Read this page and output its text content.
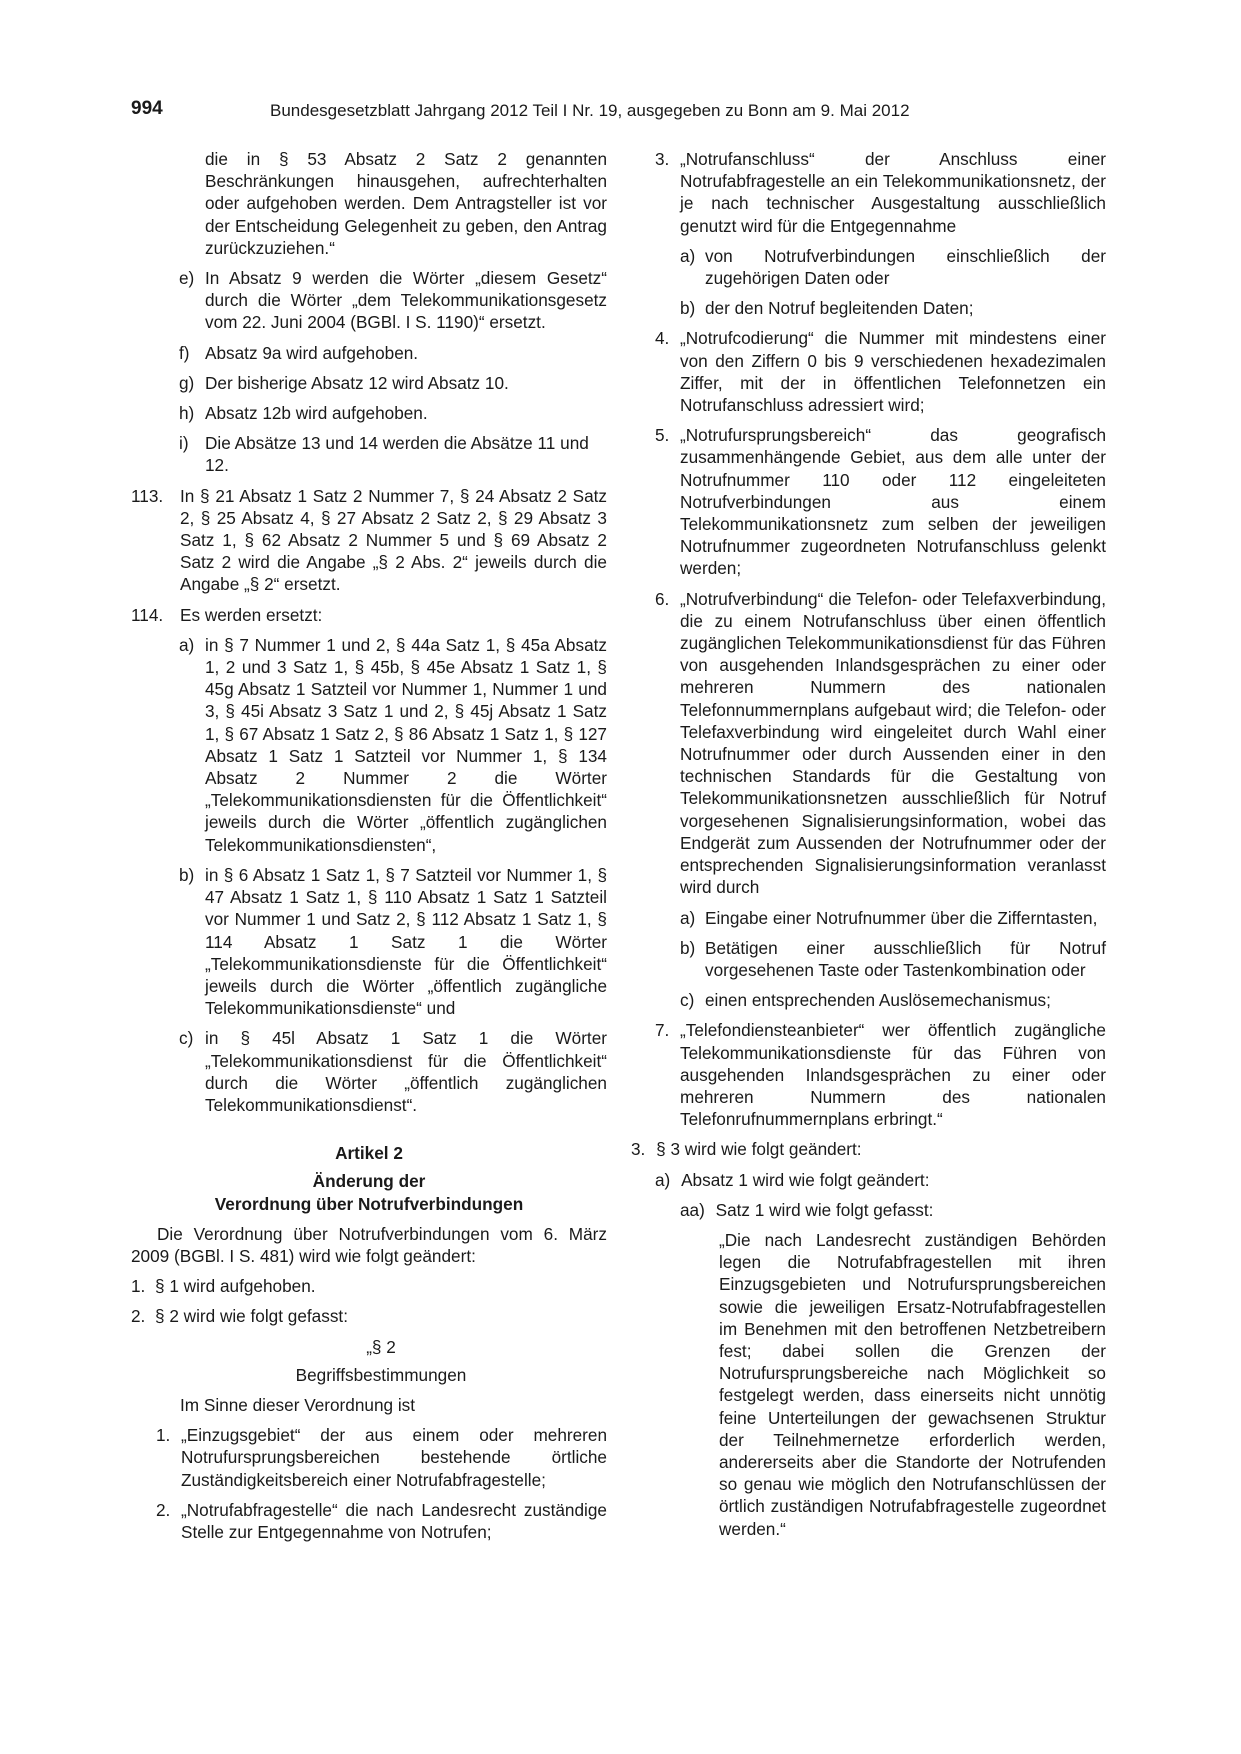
994	Bundesgesetzblatt Jahrgang 2012 Teil I Nr. 19, ausgegeben zu Bonn am 9. Mai 2012
die in § 53 Absatz 2 Satz 2 genannten Beschränkungen hinausgehen, aufrechterhalten oder aufgehoben werden. Dem Antragsteller ist vor der Entscheidung Gelegenheit zu geben, den Antrag zurückzuziehen.“
e) In Absatz 9 werden die Wörter „diesem Gesetz“ durch die Wörter „dem Telekommunikationsgesetz vom 22. Juni 2004 (BGBl. I S. 1190)“ ersetzt.
f) Absatz 9a wird aufgehoben.
g) Der bisherige Absatz 12 wird Absatz 10.
h) Absatz 12b wird aufgehoben.
i) Die Absätze 13 und 14 werden die Absätze 11 und 12.
113. In § 21 Absatz 1 Satz 2 Nummer 7, § 24 Absatz 2 Satz 2, § 25 Absatz 4, § 27 Absatz 2 Satz 2, § 29 Absatz 3 Satz 1, § 62 Absatz 2 Nummer 5 und § 69 Absatz 2 Satz 2 wird die Angabe „§ 2 Abs. 2“ jeweils durch die Angabe „§ 2“ ersetzt.
114. Es werden ersetzt:
a) in § 7 Nummer 1 und 2, § 44a Satz 1, § 45a Absatz 1, 2 und 3 Satz 1, § 45b, § 45e Absatz 1 Satz 1, § 45g Absatz 1 Satzteil vor Nummer 1, Nummer 1 und 3, § 45i Absatz 3 Satz 1 und 2, § 45j Absatz 1 Satz 1, § 67 Absatz 1 Satz 2, § 86 Absatz 1 Satz 1, § 127 Absatz 1 Satz 1 Satzteil vor Nummer 1, § 134 Absatz 2 Nummer 2 die Wörter „Telekommunikationsdiensten für die Öffentlichkeit“ jeweils durch die Wörter „öffentlich zugänglichen Telekommunikationsdiensten“,
b) in § 6 Absatz 1 Satz 1, § 7 Satzteil vor Nummer 1, § 47 Absatz 1 Satz 1, § 110 Absatz 1 Satz 1 Satzteil vor Nummer 1 und Satz 2, § 112 Absatz 1 Satz 1, § 114 Absatz 1 Satz 1 die Wörter „Telekommunikationsdienste für die Öffentlichkeit“ jeweils durch die Wörter „öffentlich zugängliche Telekommunikationsdienste“ und
c) in § 45l Absatz 1 Satz 1 die Wörter „Telekommunikationsdienst für die Öffentlichkeit“ durch die Wörter „öffentlich zugänglichen Telekommunikationsdienst“.
Artikel 2
Änderung der
Verordnung über Notrufverbindungen
Die Verordnung über Notrufverbindungen vom 6. März 2009 (BGBl. I S. 481) wird wie folgt geändert:
1. § 1 wird aufgehoben.
2. § 2 wird wie folgt gefasst:
„§ 2
Begriffsbestimmungen
Im Sinne dieser Verordnung ist
1. „Einzugsgebiet“ der aus einem oder mehreren Notrufursprungsbereichen bestehende örtliche Zuständigkeitsbereich einer Notrufabfragestelle;
2. „Notrufabfragestelle“ die nach Landesrecht zuständige Stelle zur Entgegennahme von Notrufen;
3. „Notrufanschluss“ der Anschluss einer Notrufabfragestelle an ein Telekommunikationsnetz, der je nach technischer Ausgestaltung ausschließlich genutzt wird für die Entgegennahme
a) von Notrufverbindungen einschließlich der zugehörigen Daten oder
b) der den Notruf begleitenden Daten;
4. „Notrufcodierung“ die Nummer mit mindestens einer von den Ziffern 0 bis 9 verschiedenen hexadezimalen Ziffer, mit der in öffentlichen Telefonnetzen ein Notrufanschluss adressiert wird;
5. „Notrufursprungsbereich“ das geografisch zusammenhängende Gebiet, aus dem alle unter der Notrufnummer 110 oder 112 eingeleiteten Notrufverbindungen aus einem Telekommunikationsnetz zum selben der jeweiligen Notrufnummer zugeordneten Notrufanschluss gelenkt werden;
6. „Notrufverbindung“ die Telefon- oder Telefaxverbindung, die zu einem Notrufanschluss über einen öffentlich zugänglichen Telekommunikationsdienst für das Führen von ausgehenden Inlandsgesprächen zu einer oder mehreren Nummern des nationalen Telefonnummernplans aufgebaut wird; die Telefon- oder Telefaxverbindung wird eingeleitet durch Wahl einer Notrufnummer oder durch Aussenden einer in den technischen Standards für die Gestaltung von Telekommunikationsnetzen ausschließlich für Notruf vorgesehenen Signalisierungsinformation, wobei das Endgerät zum Aussenden der Notrufnummer oder der entsprechenden Signalisierungsinformation veranlasst wird durch
a) Eingabe einer Notrufnummer über die Zifferntasten,
b) Betätigen einer ausschließlich für Notruf vorgesehenen Taste oder Tastenkombination oder
c) einen entsprechenden Auslösemechanismus;
7. „Telefondiensteanbieter“ wer öffentlich zugängliche Telekommunikationsdienste für das Führen von ausgehenden Inlandsgesprächen zu einer oder mehreren Nummern des nationalen Telefonrufnummernplans erbringt.“
3. § 3 wird wie folgt geändert:
a) Absatz 1 wird wie folgt geändert:
aa) Satz 1 wird wie folgt gefasst:
„Die nach Landesrecht zuständigen Behörden legen die Notrufabfragestellen mit ihren Einzugsgebieten und Notrufursprungsbereichen sowie die jeweiligen Ersatz-Notrufabfragestellen im Benehmen mit den betroffenen Netzbetreibern fest; dabei sollen die Grenzen der Notrufursprungsbereiche nach Möglichkeit so festgelegt werden, dass einerseits nicht unnötig feine Unterteilungen der gewachsenen Struktur der Teilnehmernetze erforderlich werden, andererseits aber die Standorte der Notrufenden so genau wie möglich den Notrufanschlüssen der örtlich zuständigen Notrufabfragestelle zugeordnet werden.“
